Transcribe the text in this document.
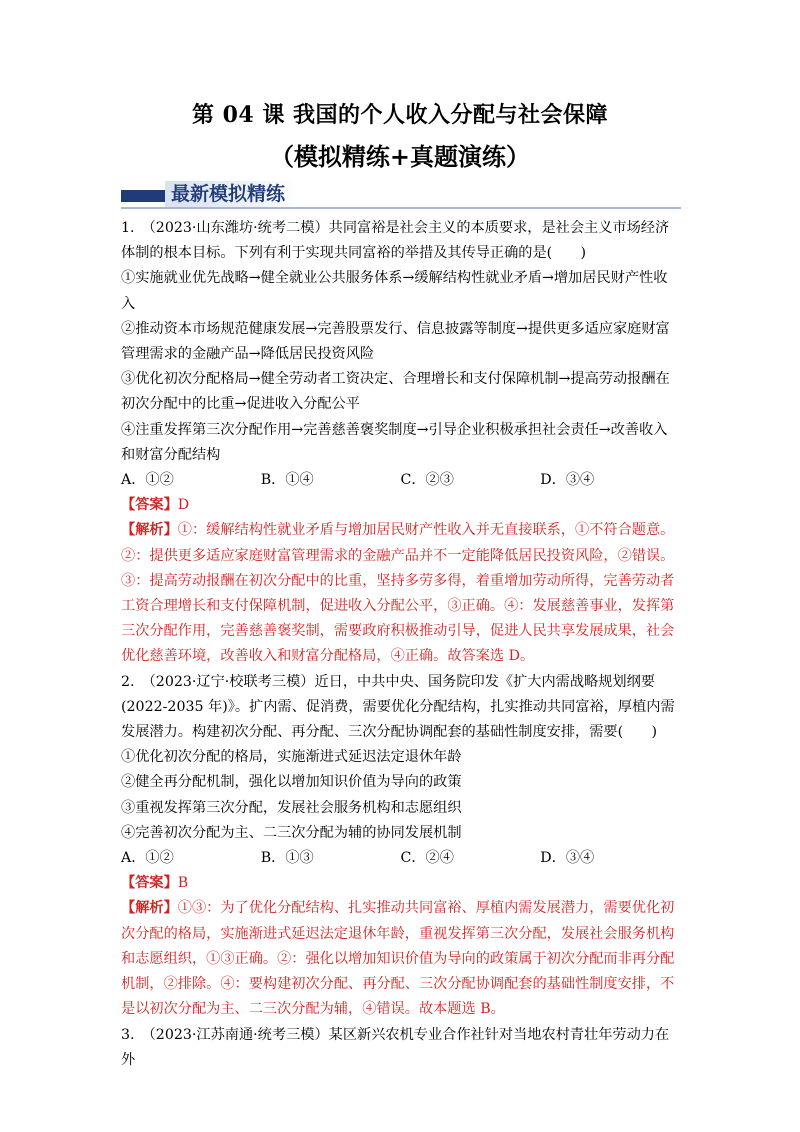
第 04 课 我国的个人收入分配与社会保障
（模拟精练+真题演练）
最新模拟精练

1.　（2023·山东潍坊·统考二模）共同富裕是社会主义的本质要求，是社会主义市场经济体制的根本目标。下列有利于实现共同富裕的举措及其传导正确的是(　　)

①实施就业优先战略→健全就业公共服务体系→缓解结构性就业矛盾→增加居民财产性收入

②推动资本市场规范健康发展→完善股票发行、信息披露等制度→提供更多适应家庭财富管理需求的金融产品→降低居民投资风险

③优化初次分配格局→健全劳动者工资决定、合理增长和支付保障机制→提高劳动报酬在初次分配中的比重→促进收入分配公平

④注重发挥第三次分配作用→完善慈善褒奖制度→引导企业积极承担社会责任→改善收入和财富分配结构

A．①②	B．①④	C．②③	D．③④

【答案】D

【解析】①：缓解结构性就业矛盾与增加居民财产性收入并无直接联系，①不符合题意。②：提供更多适应家庭财富管理需求的金融产品并不一定能降低居民投资风险，②错误。③：提高劳动报酬在初次分配中的比重，坚持多劳多得，着重增加劳动所得，完善劳动者工资合理增长和支付保障机制，促进收入分配公平，③正确。④：发展慈善事业，发挥第三次分配作用，完善慈善褒奖制，需要政府积极推动引导，促进人民共享发展成果，社会优化慈善环境，改善收入和财富分配格局，④正确。故答案选 D。

2.　（2023·辽宁·校联考三模）近日，中共中央、国务院印发《扩大内需战略规划纲要(2022-2035 年)》。扩内需、促消费，需要优化分配结构，扎实推动共同富裕，厚植内需发展潜力。构建初次分配、再分配、三次分配协调配套的基础性制度安排，需要(　　)

①优化初次分配的格局，实施渐进式延迟法定退休年龄

②健全再分配机制，强化以增加知识价值为导向的政策

③重视发挥第三次分配，发展社会服务机构和志愿组织

④完善初次分配为主、二三次分配为辅的协同发展机制

A．①②	B．①③	C．②④	D．③④

【答案】B

【解析】①③：为了优化分配结构、扎实推动共同富裕、厚植内需发展潜力，需要优化初次分配的格局，实施渐进式延迟法定退休年龄，重视发挥第三次分配，发展社会服务机构和志愿组织，①③正确。②：强化以增加知识价值为导向的政策属于初次分配而非再分配机制，②排除。④：要构建初次分配、再分配、三次分配协调配套的基础性制度安排，不是以初次分配为主、二三次分配为辅，④错误。故本题选 B。

3.　（2023·江苏南通·统考三模）某区新兴农机专业合作社针对当地农村青壮年劳动力在外
